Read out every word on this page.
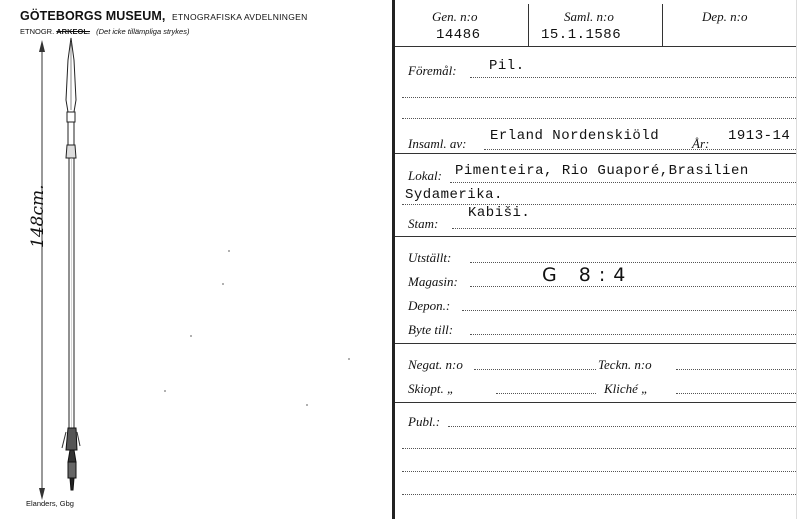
GÖTEBORGS MUSEUM, ETNOGRAFISKA AVDELNINGEN
ETNOGR. ARKEOL. (Det icke tillämpliga strykes)
148cm.
Elanders, Gbg
Gen. n:o
14486
Saml. n:o
15.1.1586
Dep. n:o
Föremål: Pil.
Insaml. av: Erland Nordenskiöld	År: 1913-14
Lokal: Pimenteira, Rio Guaporé,Brasilien
Sydamerika.
Stam:
Kabiši.
Utställt:
Magasin:	G 8:4
Depon.:
Byte till:
Negat. n:o	Teckn. n:o
Skiopt. „	Kliché „
Publ.:
